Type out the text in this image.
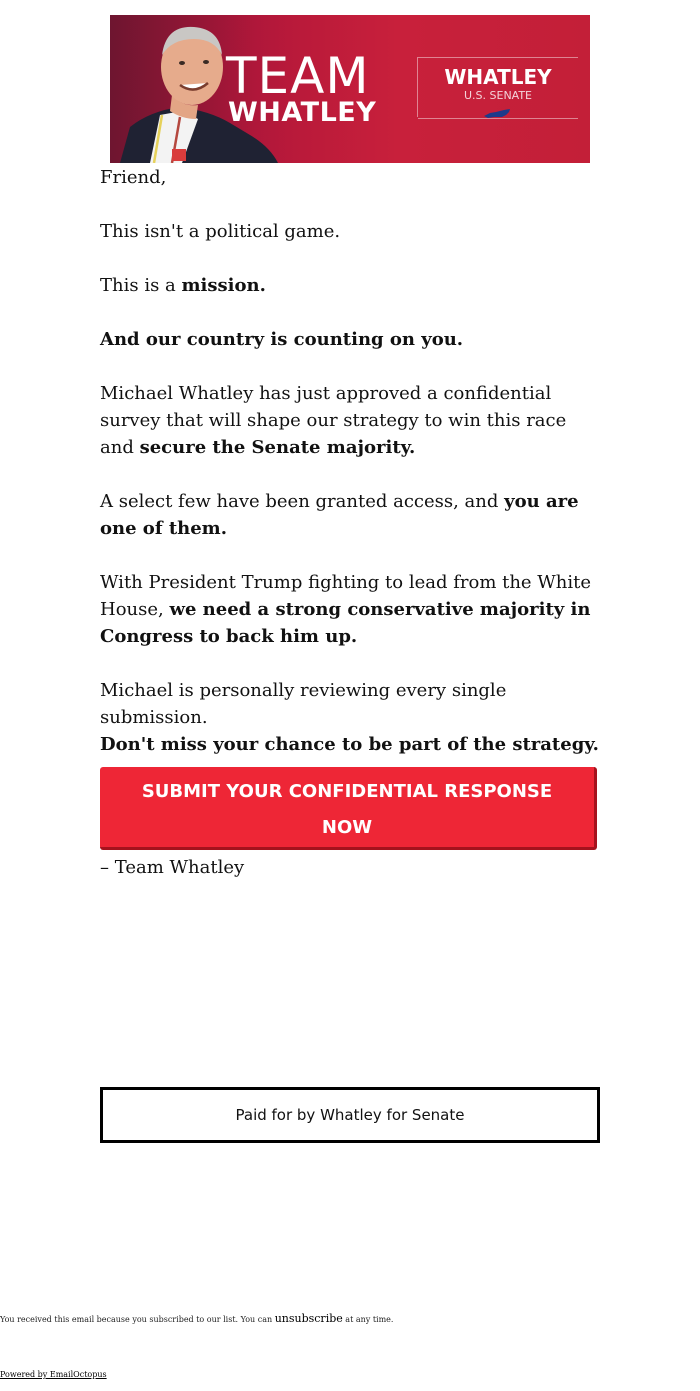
TEAM
WHATLEY
WHATLEY
U.S. SENATE

Friend,

This isn't a political game.

This is a mission.

And our country is counting on you.

Michael Whatley has just approved a confidential survey that will shape our strategy to win this race and secure the Senate majority.

A select few have been granted access, and you are one of them.

With President Trump fighting to lead from the White House, we need a strong conservative majority in Congress to back him up.

Michael is personally reviewing every single submission.

Don't miss your chance to be part of the strategy.

SUBMIT YOUR CONFIDENTIAL RESPONSE NOW

– Team Whatley

Paid for by Whatley for Senate
You received this email because you subscribed to our list. You can unsubscribe at any time.
Powered by EmailOctopus
